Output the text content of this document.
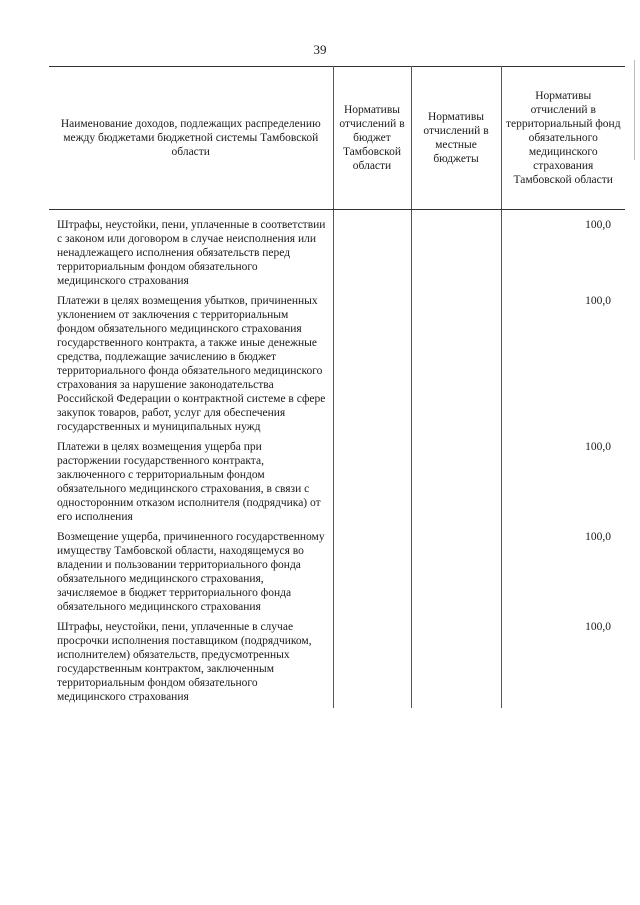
39
Наименование доходов, подлежащих распределению между бюджетами бюджетной системы Тамбовской области	Нормативы отчислений в бюджет Тамбовской области	Нормативы отчислений в местные бюджеты	Нормативы отчислений в территориальный фонд обязательного медицинского страхования Тамбовской области
Штрафы, неустойки, пени, уплаченные в соответствии с законом или договором в случае неисполнения или ненадлежащего исполнения обязательств перед территориальным фондом обязательного медицинского страхования			100,0
Платежи в целях возмещения убытков, причиненных уклонением от заключения с территориальным фондом обязательного медицинского страхования государственного контракта, а также иные денежные средства, подлежащие зачислению в бюджет территориального фонда обязательного медицинского страхования за нарушение законодательства Российской Федерации о контрактной системе в сфере закупок товаров, работ, услуг для обеспечения государственных и муниципальных нужд			100,0
Платежи в целях возмещения ущерба при расторжении государственного контракта, заключенного с территориальным фондом обязательного медицинского страхования, в связи с односторонним отказом исполнителя (подрядчика) от его исполнения			100,0
Возмещение ущерба, причиненного государственному имуществу Тамбовской области, находящемуся во владении и пользовании территориального фонда обязательного медицинского страхования, зачисляемое в бюджет территориального фонда обязательного медицинского страхования			100,0
Штрафы, неустойки, пени, уплаченные в случае просрочки исполнения поставщиком (подрядчиком, исполнителем) обязательств, предусмотренных государственным контрактом, заключенным территориальным фондом обязательного медицинского страхования			100,0
